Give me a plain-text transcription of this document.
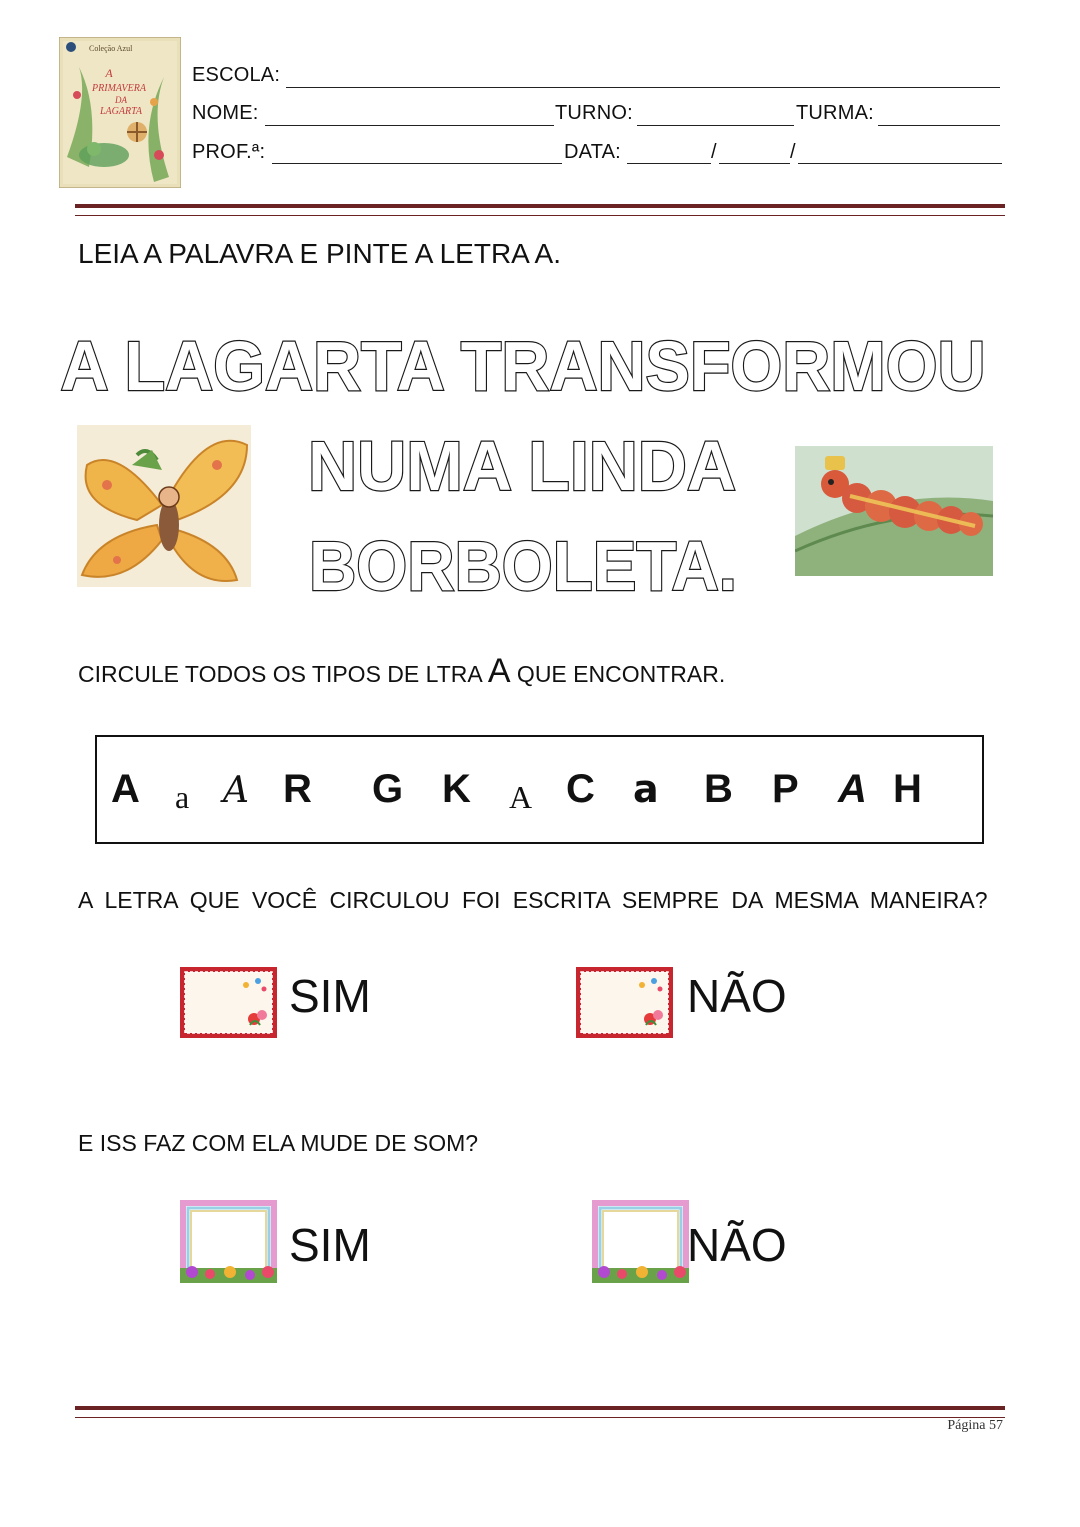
Coleção Azul
A
PRIMAVERA
DA
LAGARTA
ESCOLA:
NOME:	TURNO:	TURMA:
PROF.ª:	DATA:	/	/
LEIA A PALAVRA E PINTE A LETRA A.
A LAGARTA TRANSFORMOU
NUMA LINDA
BORBOLETA.
CIRCULE TODOS OS TIPOS DE LTRA A QUE ENCONTRAR.
A a A R G K A C a B P A H
A LETRA QUE VOCÊ CIRCULOU FOI ESCRITA SEMPRE DA MESMA MANEIRA?
SIM	NÃO
E ISS FAZ COM ELA MUDE DE SOM?
SIM	NÃO
Página 57
